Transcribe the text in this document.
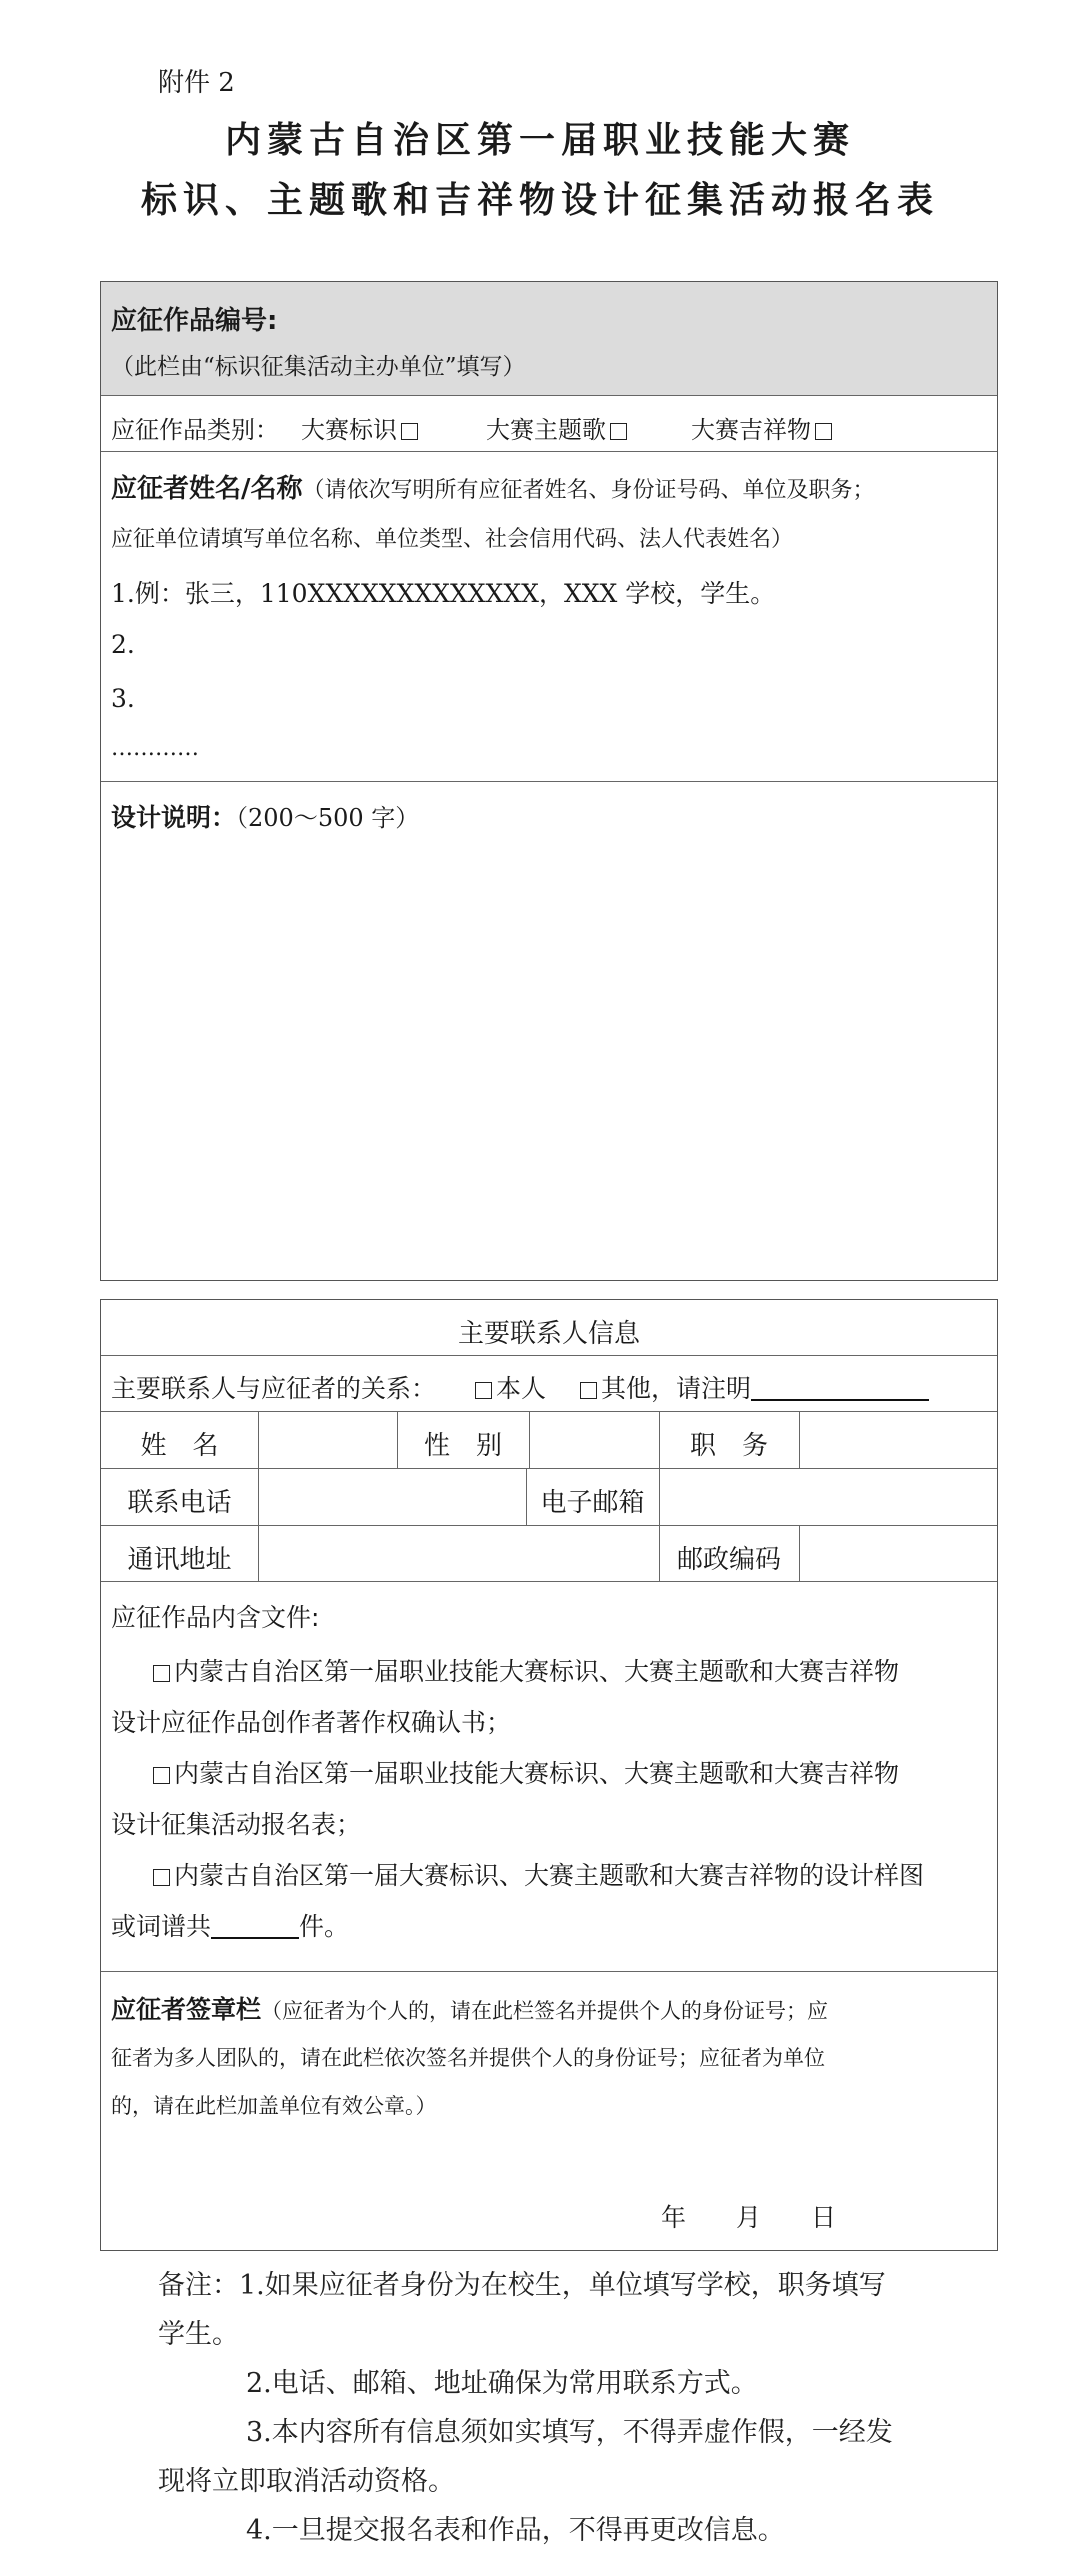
附件 2
内蒙古自治区第一届职业技能大赛
标识、主题歌和吉祥物设计征集活动报名表
应征作品编号:
（此栏由“标识征集活动主办单位”填写）
应征作品类别： 大赛标识	大赛主题歌	大赛吉祥物
应征者姓名/名称（请依次写明所有应征者姓名、身份证号码、单位及职务；
应征单位请填写单位名称、单位类型、社会信用代码、法人代表姓名）
1.例：张三，110XXXXXXXXXXXXX，XXX 学校，学生。
2.
3.
…………
设计说明：（200～500 字）
主要联系人信息
主要联系人与应征者的关系：	本人	其他，请注明
姓　名	性　别	职　务
联系电话	电子邮箱
通讯地址	邮政编码
应征作品内含文件:
内蒙古自治区第一届职业技能大赛标识、大赛主题歌和大赛吉祥物
设计应征作品创作者著作权确认书；
内蒙古自治区第一届职业技能大赛标识、大赛主题歌和大赛吉祥物
设计征集活动报名表；
内蒙古自治区第一届大赛标识、大赛主题歌和大赛吉祥物的设计样图
或词谱共	件。
应征者签章栏（应征者为个人的，请在此栏签名并提供个人的身份证号；应
征者为多人团队的，请在此栏依次签名并提供个人的身份证号；应征者为单位
的，请在此栏加盖单位有效公章。）
年　　月　　日
备注：1.如果应征者身份为在校生，单位填写学校，职务填写
学生。
2.电话、邮箱、地址确保为常用联系方式。
3.本内容所有信息须如实填写，不得弄虚作假，一经发
现将立即取消活动资格。
4.一旦提交报名表和作品，不得再更改信息。
